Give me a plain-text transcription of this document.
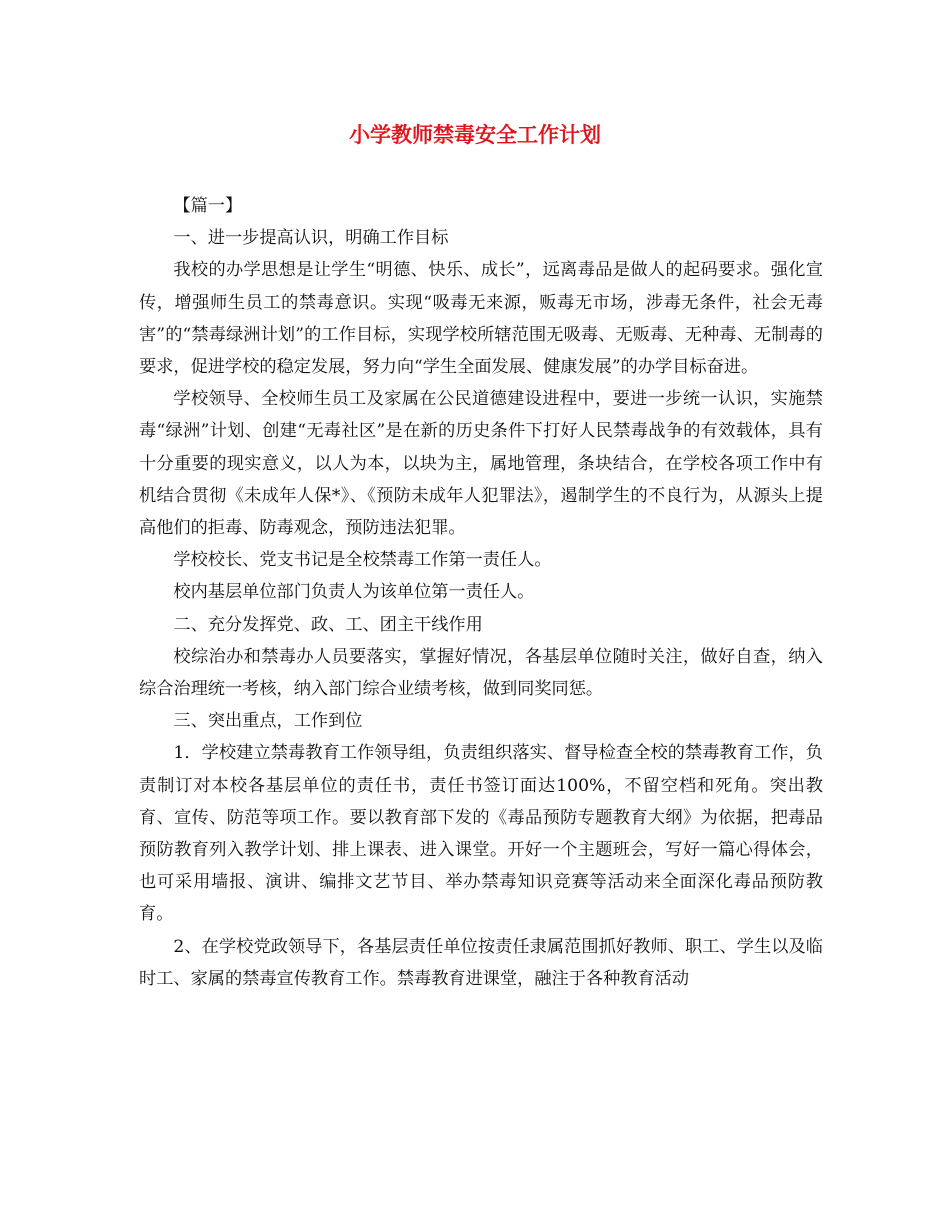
小学教师禁毒安全工作计划

【篇一】

一、进一步提高认识，明确工作目标

我校的办学思想是让学生“明德、快乐、成长”，远离毒品是做人的起码要求。强化宣传，增强师生员工的禁毒意识。实现“吸毒无来源，贩毒无市场，涉毒无条件，社会无毒害”的“禁毒绿洲计划”的工作目标，实现学校所辖范围无吸毒、无贩毒、无种毒、无制毒的要求，促进学校的稳定发展，努力向“学生全面发展、健康发展”的办学目标奋进。

学校领导、全校师生员工及家属在公民道德建设进程中，要进一步统一认识，实施禁毒“绿洲”计划、创建“无毒社区”是在新的历史条件下打好人民禁毒战争的有效载体，具有十分重要的现实意义，以人为本，以块为主，属地管理，条块结合，在学校各项工作中有机结合贯彻《未成年人保*》、《预防未成年人犯罪法》，遏制学生的不良行为，从源头上提高他们的拒毒、防毒观念，预防违法犯罪。

学校校长、党支书记是全校禁毒工作第一责任人。

校内基层单位部门负责人为该单位第一责任人。

二、充分发挥党、政、工、团主干线作用

校综治办和禁毒办人员要落实，掌握好情况，各基层单位随时关注，做好自查，纳入综合治理统一考核，纳入部门综合业绩考核，做到同奖同惩。

三、突出重点，工作到位

1．学校建立禁毒教育工作领导组，负责组织落实、督导检查全校的禁毒教育工作，负责制订对本校各基层单位的责任书，责任书签订面达100%，不留空档和死角。突出教育、宣传、防范等项工作。要以教育部下发的《毒品预防专题教育大纲》为依据，把毒品预防教育列入教学计划、排上课表、进入课堂。开好一个主题班会，写好一篇心得体会，也可采用墙报、演讲、编排文艺节目、举办禁毒知识竞赛等活动来全面深化毒品预防教育。

2、在学校党政领导下，各基层责任单位按责任隶属范围抓好教师、职工、学生以及临时工、家属的禁毒宣传教育工作。禁毒教育进课堂，融注于各种教育活动
